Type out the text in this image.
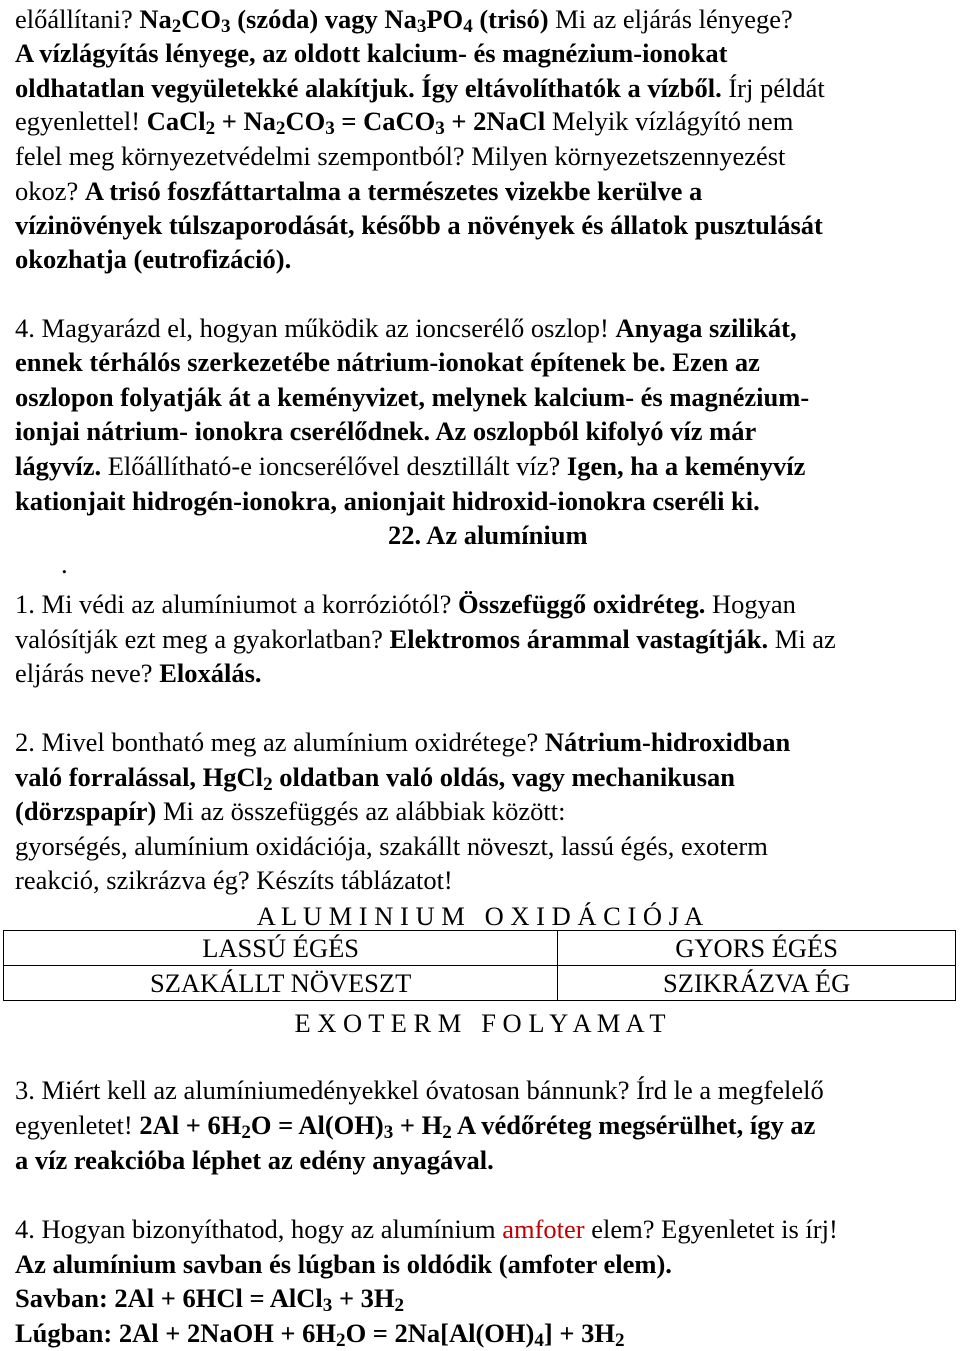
előállítani? $Na_2CO_3$ (szóda) vagy $Na_3PO_4$ (trisó) Mi az eljárás lényege?
A vízlágyítás lényege, az oldott kalcium- és magnézium-ionokat
oldhatatlan vegyületekké alakítjuk. Így eltávolíthatók a vízből. Írj példát
egyenlettel! CaCl$_2$ + $Na_2CO_3$ = CaCO$_3$ + 2NaCl Melyik vízlágyító nem
felel meg környezetvédelmi szempontból? Milyen környezetszennyezést
okoz? A trisó foszfáttartalma a természetes vizekbe kerülve a
vízinövények túlszaporodását, később a növények és állatok pusztulását
okozhatja (eutrofizáció).
4. Magyarázd el, hogyan működik az ioncserélő oszlop! Anyaga szilikát,
ennek térhálós szerkezetébe nátrium-ionokat építenek be. Ezen az
oszlopon folyatják át a keményvizet, melynek kalcium- és magnézium-
ionjai nátrium- ionokra cserélődnek. Az oszlopból kifolyó víz már
lágyvíz. Előállítható-e ioncserélővel desztillált víz? Igen, ha a keményvíz
kationjait hidrogén-ionokra, anionjait hidroxid-ionokra cseréli ki.
22. Az alumínium
.
1. Mi védi az alumíniumot a korróziótól? Összefüggő oxidréteg. Hogyan
valósítják ezt meg a gyakorlatban? Elektromos árammal vastagítják. Mi az
eljárás neve? Eloxálás.
2. Mivel bontható meg az alumínium oxidrétege? Nátrium-hidroxidban
való forralással, HgCl$_2$ oldatban való oldás, vagy mechanikusan
(dörzspapír) Mi az összefüggés az alábbiak között:
gyorségés, alumínium oxidációja, szakállt növeszt, lassú égés, exoterm
reakció, szikrázva ég? Készíts táblázatot!
A L U M I N I U M   O X I D Á C I Ó J A
LASSÚ ÉGÉS	GYORS ÉGÉS
SZAKÁLLT NÖVESZT	SZIKRÁZVA ÉG
E X O T E R M   F O L Y A M A T
3. Miért kell az alumíniumedényekkel óvatosan bánnunk? Írd le a megfelelő
egyenletet! $2Al + 6H_2O = Al(OH)_3 + H_2$ A védőréteg megsérülhet, így az
a víz reakcióba léphet az edény anyagával.
4. Hogyan bizonyíthatod, hogy az alumínium amfoter elem? Egyenletet is írj!
Az alumínium savban és lúgban is oldódik (amfoter elem).
Savban: 2Al + 6HCl = AlCl$_3$ + $3H_2$
Lúgban: 2Al + 2NaOH + $6H_2O = 2Na[Al(OH)_4] + 3H_2$
